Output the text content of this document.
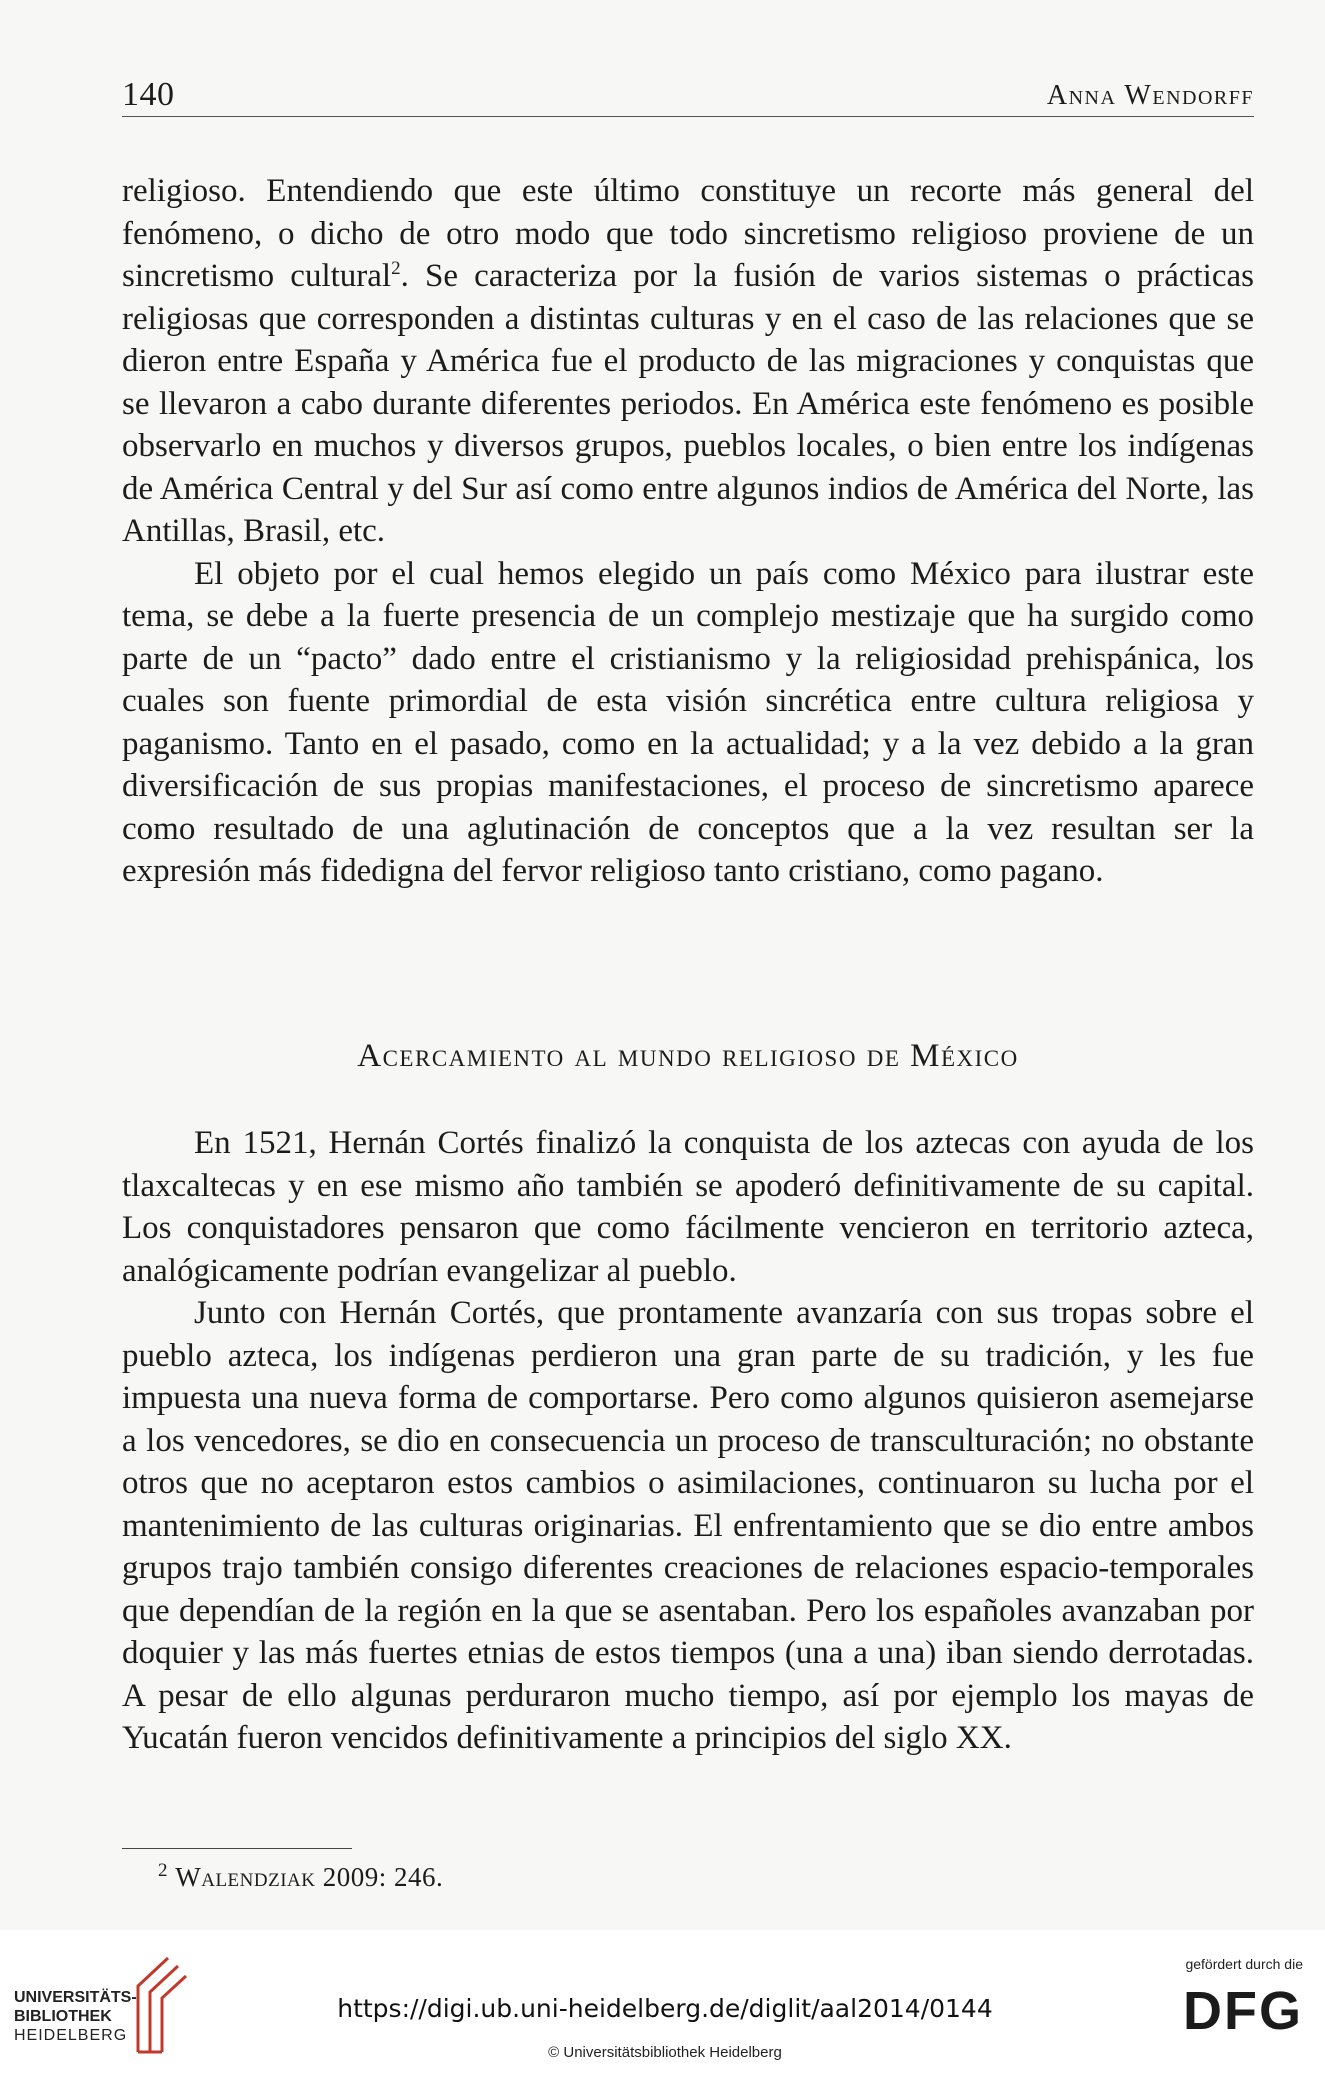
140	Anna Wendorff

religioso. Entendiendo que este último constituye un recorte más general del fenómeno, o dicho de otro modo que todo sincretismo religioso proviene de un sincretismo cultural$^2$. Se caracteriza por la fusión de varios sistemas o prácticas religiosas que corresponden a distintas culturas y en el caso de las relaciones que se dieron entre España y América fue el producto de las migraciones y conquistas que se llevaron a cabo durante diferentes periodos. En América este fenómeno es posible observarlo en muchos y diversos grupos, pueblos locales, o bien entre los indígenas de América Central y del Sur así como entre algunos indios de América del Norte, las Antillas, Brasil, etc.

El objeto por el cual hemos elegido un país como México para ilustrar este tema, se debe a la fuerte presencia de un complejo mestizaje que ha surgido como parte de un “pacto” dado entre el cristianismo y la religiosidad prehispánica, los cuales son fuente primordial de esta visión sincrética entre cultura religiosa y paganismo. Tanto en el pasado, como en la actualidad; y a la vez debido a la gran diversificación de sus propias manifestaciones, el proceso de sincretismo aparece como resultado de una aglutinación de conceptos que a la vez resultan ser la expresión más fidedigna del fervor religioso tanto cristiano, como pagano.

Acercamiento al mundo religioso de México

En 1521, Hernán Cortés finalizó la conquista de los aztecas con ayuda de los tlaxcaltecas y en ese mismo año también se apoderó definitivamente de su capital. Los conquistadores pensaron que como fácilmente vencieron en territorio azteca, analógicamente podrían evangelizar al pueblo.

Junto con Hernán Cortés, que prontamente avanzaría con sus tropas sobre el pueblo azteca, los indígenas perdieron una gran parte de su tradición, y les fue impuesta una nueva forma de comportarse. Pero como algunos quisieron asemejarse a los vencedores, se dio en consecuencia un proceso de transculturación; no obstante otros que no aceptaron estos cambios o asimilaciones, continuaron su lucha por el mantenimiento de las culturas originarias. El enfrentamiento que se dio entre ambos grupos trajo también consigo diferentes creaciones de relaciones espacio-temporales que dependían de la región en la que se asentaban. Pero los españoles avanzaban por doquier y las más fuertes etnias de estos tiempos (una a una) iban siendo derrotadas. A pesar de ello algunas perduraron mucho tiempo, así por ejemplo los mayas de Yucatán fueron vencidos definitivamente a principios del siglo XX.

$^2$ Walendziak 2009: 246.
UNIVERSITÄTS-
BIBLIOTHEK
HEIDELBERG
https://digi.ub.uni-heidelberg.de/diglit/aal2014/0144
© Universitätsbibliothek Heidelberg
gefördert durch die
DFG
